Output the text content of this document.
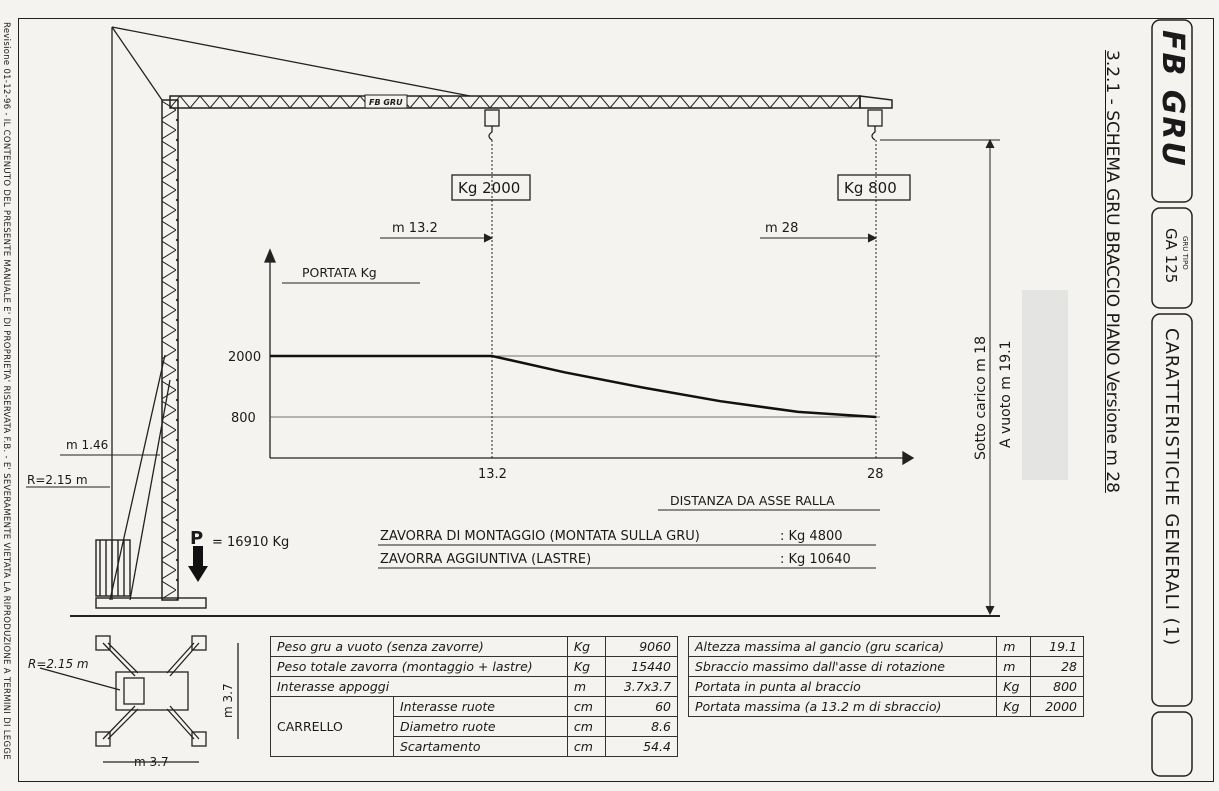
Revisione 01-12-96 - IL CONTENUTO DEL PRESENTE MANUALE E' DI PROPRIETA' RISERVATA F.B. - E' SEVERAMENTE VIETATA LA RIPRODUZIONE A TERMINI DI LEGGE	2000
800
13.2	28
PORTATA Kg
DISTANZA DA ASSE RALLA
FB GRU
Kg 2000	Kg 800
m 13.2	m 28
m 1.46
R=2.15 m
Sotto carico m 18 A vuoto m 19.1
P = 16910 Kg	ZAVORRA DI MONTAGGIO (MONTATA SULLA GRU)	: Kg 4800
ZAVORRA AGGIUNTIVA (LASTRE)	: Kg 10640
R=2.15 m
m 3.7
m 3.7
FB GRU
GRU TIPO
GA 125
CARATTERISTICHE GENERALI (1)
3.2.1 - SCHEMA GRU BRACCIO PIANO Versione m 28
Peso gru a vuoto (senza zavorre)		Kg	9060
Peso totale zavorra (montaggio + lastre)		Kg	15440
Interasse appoggi		m	3.7x3.7
CARRELLO	Interasse ruote	cm	60
	Diametro ruote	cm	8.6
	Scartamento	cm	54.4
Altezza massima al gancio (gru scarica)	m	19.1
Sbraccio massimo dall'asse di rotazione	m	28
Portata in punta al braccio	Kg	800
Portata massima (a 13.2 m di sbraccio)	Kg	2000
